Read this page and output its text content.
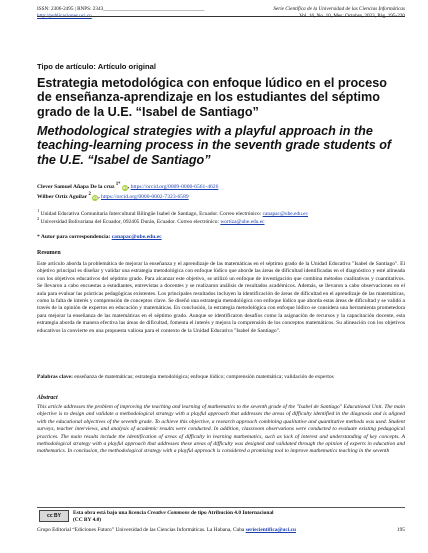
ISSN: 2306-2495 | RNPS: 2343_______________________________________	Serie Científica de la Universidad de las Ciencias Informáticas
http://publicaciones.uci.cu	Vol. 16, No. 10, Mes: Octubre, 2023, Pág. 195-220
Tipo de artículo: Artículo original
Estrategia metodológica con enfoque lúdico en el proceso de enseñanza-aprendizaje en los estudiantes del séptimo grado de la U.E. “Isabel de Santiago”
Methodological strategies with a playful approach in the teaching-learning process in the seventh grade students of the U.E. “Isabel de Santiago”
Clever Samuel Añapa De la cruz $^{1*}$ iD, https://orcid.org/0009-0000-6561-4626
Wilber Ortiz Aguilar $^2$ iD, https://orcid.org/0000-0002-7323-6589
$^1$ Unidad Educativa Comunitaria Intercultural Bilingüe Isabel de Santiago, Ecuador. Correo electrónico: canapac@ube.edu.ec
$^2$ Universidad Bolivariana del Ecuador, 092405 Durán, Ecuador. Correo electrónico: wortiza@ube.edu.ec
* Autor para correspondencia: canapac@ube.edu.ec
Resumen
Este artículo aborda la problemática de mejorar la enseñanza y el aprendizaje de las matemáticas en el séptimo grado de la Unidad Educativa "Isabel de Santiago". El objetivo principal es diseñar y validar una estrategia metodológica con enfoque lúdico que aborde las áreas de dificultad identificadas en el diagnóstico y esté alineada con los objetivos educativos del séptimo grado. Para alcanzar este objetivo, se utilizó un enfoque de investigación que combina métodos cualitativos y cuantitativos. Se llevaron a cabo encuestas a estudiantes, entrevistas a docentes y se realizaron análisis de resultados académicos. Además, se llevaron a cabo observaciones en el aula para evaluar las prácticas pedagógicas existentes. Los principales resultados incluyen la identificación de áreas de dificultad en el aprendizaje de las matemáticas, como la falta de interés y comprensión de conceptos clave. Se diseñó una estrategia metodológica con enfoque lúdico que aborda estas áreas de dificultad y se validó a través de la opinión de expertos en educación y matemáticas. En conclusión, la estrategia metodológica con enfoque lúdico se considera una herramienta prometedora para mejorar la enseñanza de las matemáticas en el séptimo grado. Aunque se identificaron desafíos como la asignación de recursos y la capacitación docente, esta estrategia aborda de manera efectiva las áreas de dificultad, fomenta el interés y mejora la comprensión de los conceptos matemáticos. Su alineación con los objetivos educativos la convierte en una propuesta valiosa para el contexto de la Unidad Educativa "Isabel de Santiago".
Palabras clave: enseñanza de matemáticas; estrategia metodológica; enfoque lúdico; comprensión matemática; validación de expertos
Abstract
This article addresses the problem of improving the teaching and learning of mathematics to the seventh grade of the "Isabel de Santiago" Educational Unit. The main objective is to design and validate a methodological strategy with a playful approach that addresses the areas of difficulty identified in the diagnosis and is aligned with the educational objectives of the seventh grade. To achieve this objective, a research approach combining qualitative and quantitative methods was used. Student surveys, teacher interviews, and analysis of academic results were conducted. In addition, classroom observations were conducted to evaluate existing pedagogical practices. The main results include the identification of areas of difficulty in learning mathematics, such as lack of interest and understanding of key concepts. A methodological strategy with a playful approach that addresses these areas of difficulty was designed and validated through the opinion of experts in education and mathematics. In conclusion, the methodological strategy with a playful approach is considered a promising tool to improve mathematics teaching in the seventh
cc BY	Esta obra está bajo una licencia Creative Commons de tipo Atribución 4.0 Internacional
(CC BY 4.0)
Grupo Editorial “Ediciones Futuro” Universidad de las Ciencias Informáticas. La Habana, Cuba seriecientifica@uci.cu	195
